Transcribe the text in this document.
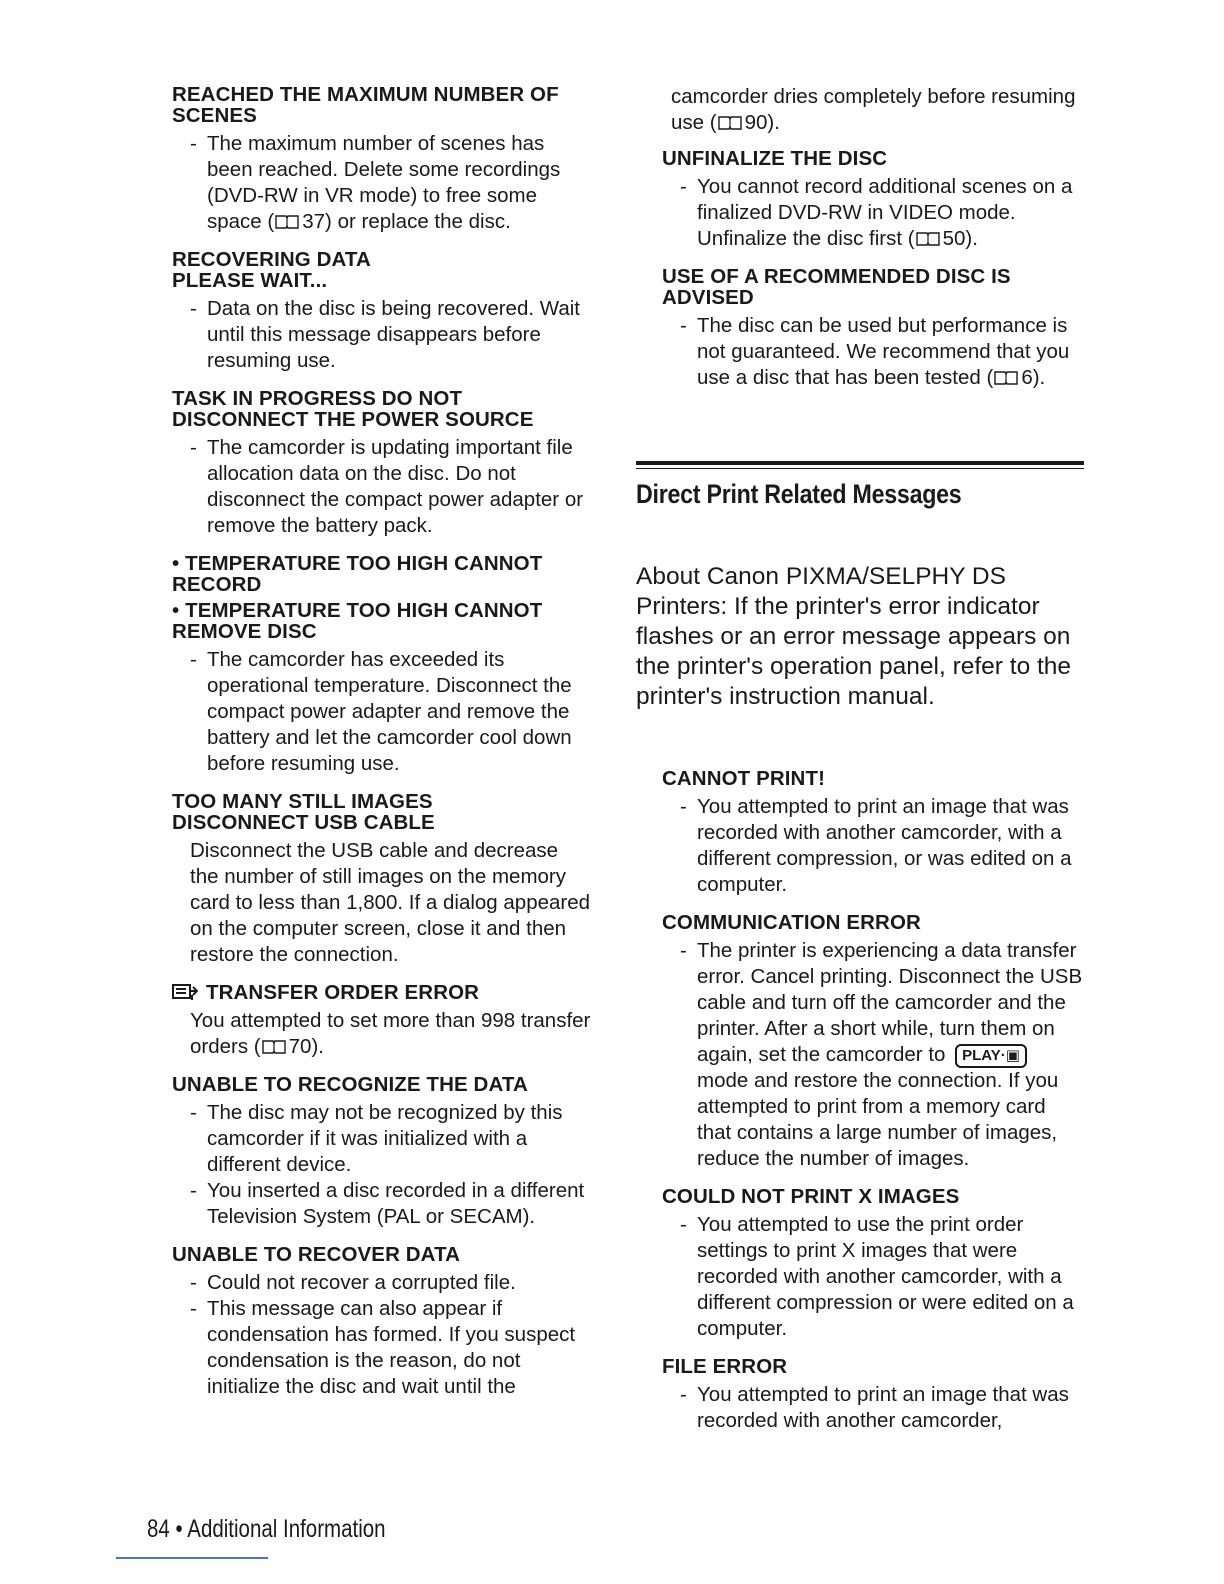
REACHED THE MAXIMUM NUMBER OF
SCENES
- The maximum number of scenes has been reached. Delete some recordings (DVD-RW in VR mode) to free some space ( 37) or replace the disc.
RECOVERING DATA
PLEASE WAIT...
- Data on the disc is being recovered. Wait until this message disappears before resuming use.
TASK IN PROGRESS DO NOT
DISCONNECT THE POWER SOURCE
- The camcorder is updating important file allocation data on the disc. Do not disconnect the compact power adapter or remove the battery pack.
• TEMPERATURE TOO HIGH CANNOT
RECORD
• TEMPERATURE TOO HIGH CANNOT
REMOVE DISC
- The camcorder has exceeded its operational temperature. Disconnect the compact power adapter and remove the battery and let the camcorder cool down before resuming use.
TOO MANY STILL IMAGES
DISCONNECT USB CABLE
Disconnect the USB cable and decrease the number of still images on the memory card to less than 1,800. If a dialog appeared on the computer screen, close it and then restore the connection.
TRANSFER ORDER ERROR
You attempted to set more than 998 transfer orders ( 70).
UNABLE TO RECOGNIZE THE DATA
- The disc may not be recognized by this camcorder if it was initialized with a different device.
- You inserted a disc recorded in a different Television System (PAL or SECAM).
UNABLE TO RECOVER DATA
- Could not recover a corrupted file.
- This message can also appear if condensation has formed. If you suspect condensation is the reason, do not initialize the disc and wait until the
camcorder dries completely before resuming use ( 90).
UNFINALIZE THE DISC
- You cannot record additional scenes on a finalized DVD-RW in VIDEO mode. Unfinalize the disc first ( 50).
USE OF A RECOMMENDED DISC IS
ADVISED
- The disc can be used but performance is not guaranteed. We recommend that you use a disc that has been tested ( 6).
Direct Print Related Messages
About Canon PIXMA/SELPHY DS Printers: If the printer's error indicator flashes or an error message appears on the printer's operation panel, refer to the printer's instruction manual.
CANNOT PRINT!
- You attempted to print an image that was recorded with another camcorder, with a different compression, or was edited on a computer.
COMMUNICATION ERROR
- The printer is experiencing a data transfer error. Cancel printing. Disconnect the USB cable and turn off the camcorder and the printer. After a short while, turn them on again, set the camcorder to PLAY·▣ mode and restore the connection. If you attempted to print from a memory card that contains a large number of images, reduce the number of images.
COULD NOT PRINT X IMAGES
- You attempted to use the print order settings to print X images that were recorded with another camcorder, with a different compression or were edited on a computer.
FILE ERROR
- You attempted to print an image that was recorded with another camcorder,
84 • Additional Information
